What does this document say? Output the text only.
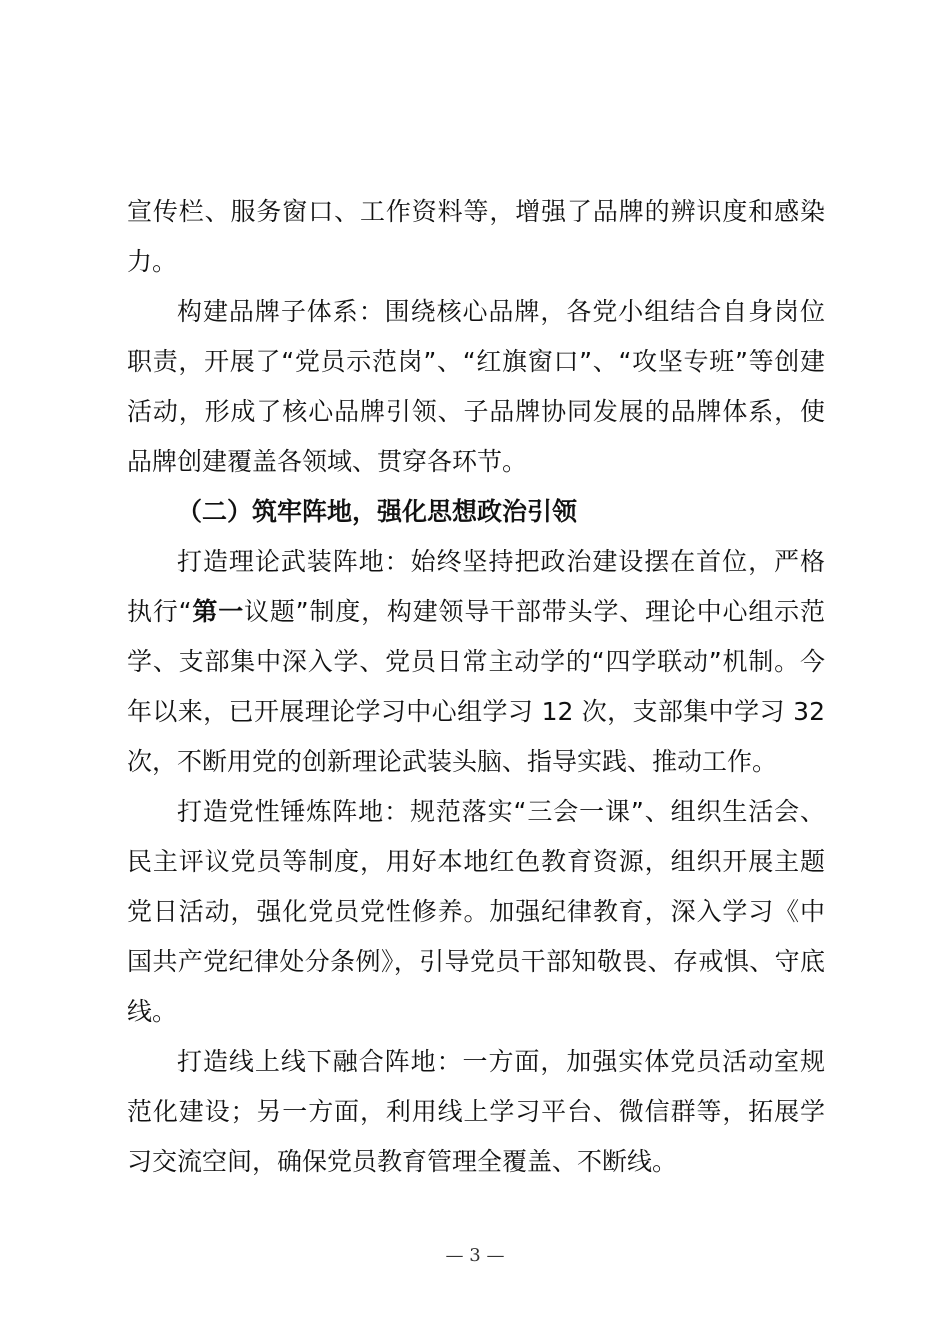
宣传栏、服务窗口、工作资料等，增强了品牌的辨识度和感染力。

构建品牌子体系：围绕核心品牌，各党小组结合自身岗位职责，开展了“党员示范岗”、“红旗窗口”、“攻坚专班”等创建活动，形成了核心品牌引领、子品牌协同发展的品牌体系，使品牌创建覆盖各领域、贯穿各环节。

（二）筑牢阵地，强化思想政治引领

打造理论武装阵地：始终坚持把政治建设摆在首位，严格执行“第一议题”制度，构建领导干部带头学、理论中心组示范学、支部集中深入学、党员日常主动学的“四学联动”机制。今年以来，已开展理论学习中心组学习 12 次，支部集中学习 32 次，不断用党的创新理论武装头脑、指导实践、推动工作。

打造党性锤炼阵地：规范落实“三会一课”、组织生活会、民主评议党员等制度，用好本地红色教育资源，组织开展主题党日活动，强化党员党性修养。加强纪律教育，深入学习《中国共产党纪律处分条例》，引导党员干部知敬畏、存戒惧、守底线。

打造线上线下融合阵地：一方面，加强实体党员活动室规范化建设；另一方面，利用线上学习平台、微信群等，拓展学习交流空间，确保党员教育管理全覆盖、不断线。

— 3 —
